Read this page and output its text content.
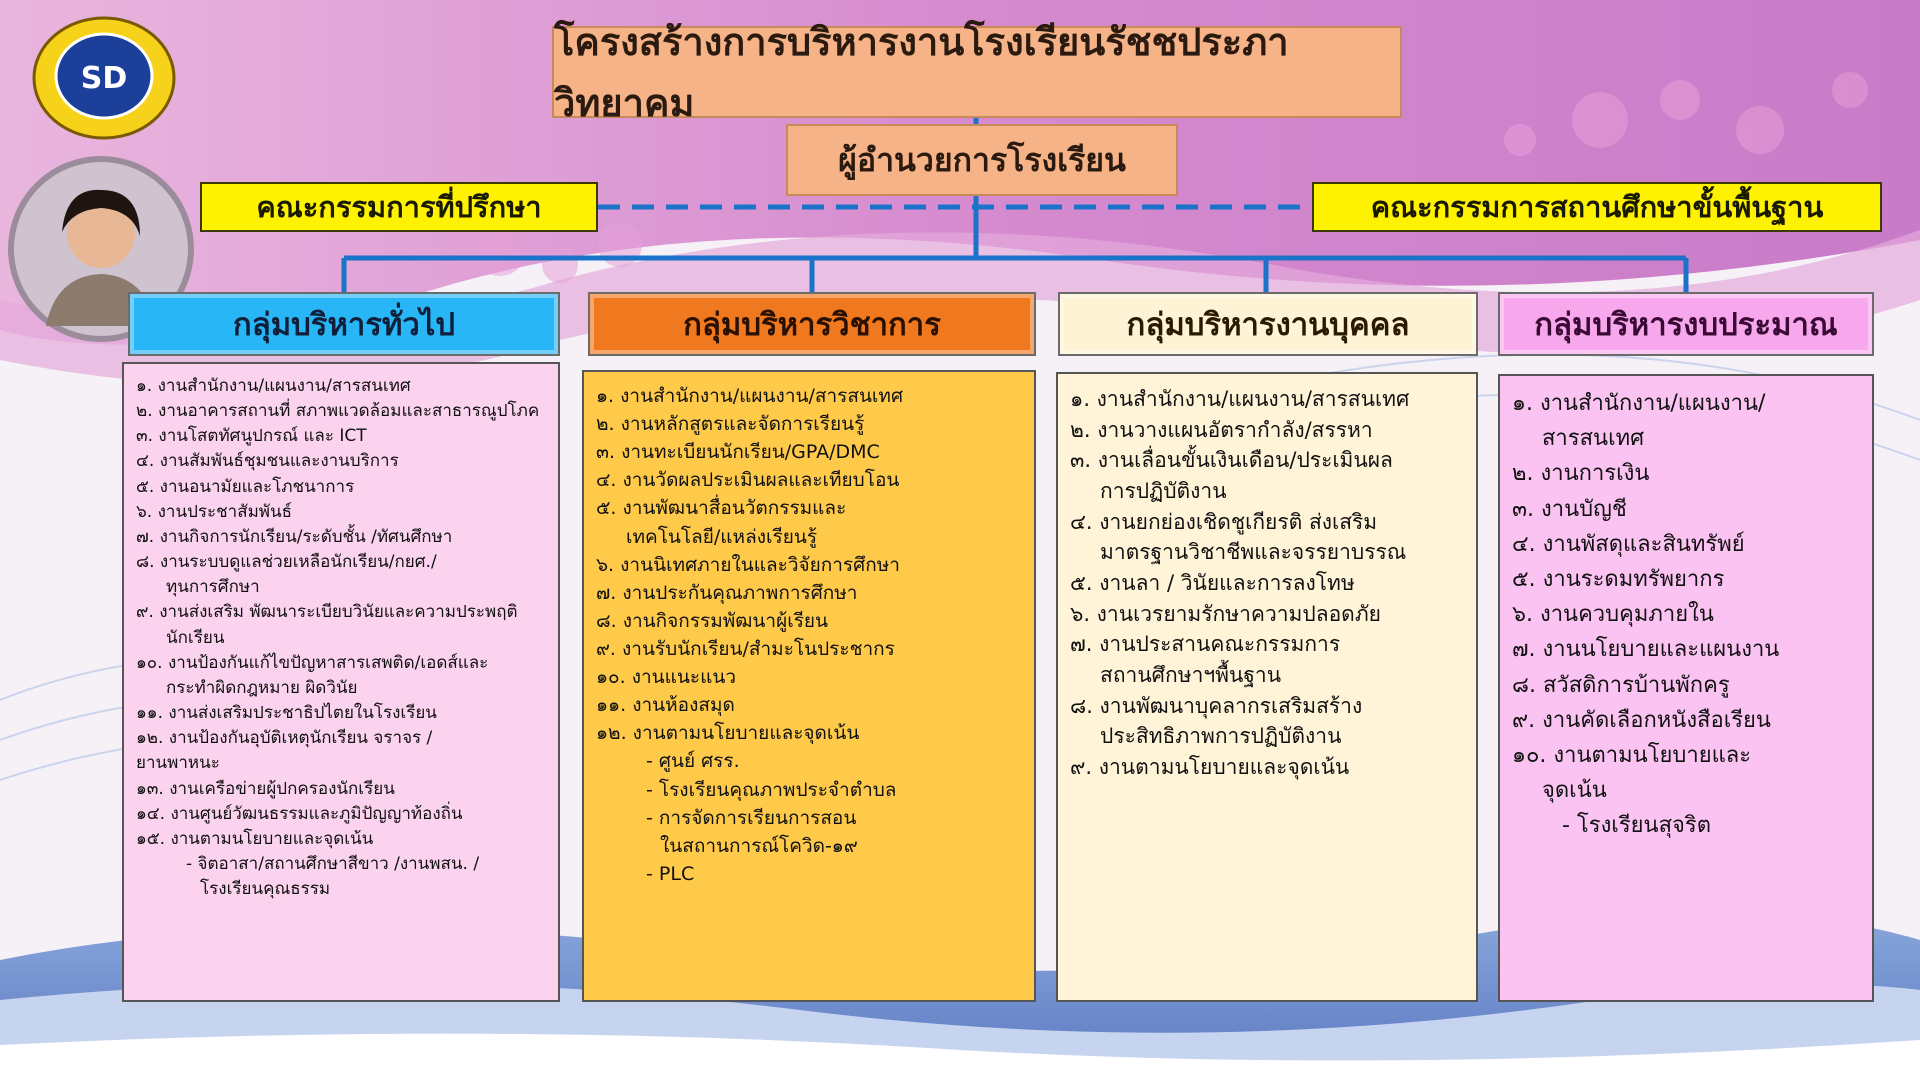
SD
โครงสร้างการบริหารงานโรงเรียนรัชชประภาวิทยาคม
ผู้อำนวยการโรงเรียน
คณะกรรมการที่ปรึกษา	คณะกรรมการสถานศึกษาขั้นพื้นฐาน
กลุ่มบริหารทั่วไป	กลุ่มบริหารวิชาการ	กลุ่มบริหารงานบุคคล	กลุ่มบริหารงบประมาณ
๑. งานสำนักงาน/แผนงาน/สารสนเทศ
๒. งานอาคารสถานที่ สภาพแวดล้อมและสาธารณูปโภค
๓. งานโสตทัศนูปกรณ์ และ ICT
๔. งานสัมพันธ์ชุมชนและงานบริการ
๕. งานอนามัยและโภชนาการ
๖. งานประชาสัมพันธ์
๗. งานกิจการนักเรียน/ระดับชั้น /ทัศนศึกษา
๘. งานระบบดูแลช่วยเหลือนักเรียน/กยศ./
ทุนการศึกษา
๙. งานส่งเสริม พัฒนาระเบียบวินัยและความประพฤติ
นักเรียน
๑๐. งานป้องกันแก้ไขปัญหาสารเสพติด/เอดส์และ
กระทำผิดกฎหมาย ผิดวินัย
๑๑. งานส่งเสริมประชาธิปไตยในโรงเรียน
๑๒. งานป้องกันอุบัติเหตุนักเรียน จราจร /
ยานพาหนะ
๑๓. งานเครือข่ายผู้ปกครองนักเรียน
๑๔. งานศูนย์วัฒนธรรมและภูมิปัญญาท้องถิ่น
๑๕. งานตามนโยบายและจุดเน้น
- จิตอาสา/สถานศึกษาสีขาว /งานพสน. /
โรงเรียนคุณธรรม
๑. งานสำนักงาน/แผนงาน/สารสนเทศ
๒. งานหลักสูตรและจัดการเรียนรู้
๓. งานทะเบียนนักเรียน/GPA/DMC
๔. งานวัดผลประเมินผลและเทียบโอน
๕. งานพัฒนาสื่อนวัตกรรมและ
เทคโนโลยี/แหล่งเรียนรู้
๖. งานนิเทศภายในและวิจัยการศึกษา
๗. งานประกันคุณภาพการศึกษา
๘. งานกิจกรรมพัฒนาผู้เรียน
๙. งานรับนักเรียน/สำมะโนประชากร
๑๐. งานแนะแนว
๑๑. งานห้องสมุด
๑๒. งานตามนโยบายและจุดเน้น
- ศูนย์ ศรร.
- โรงเรียนคุณภาพประจำตำบล
- การจัดการเรียนการสอน
ในสถานการณ์โควิด-๑๙
- PLC
๑. งานสำนักงาน/แผนงาน/สารสนเทศ
๒. งานวางแผนอัตรากำลัง/สรรหา
๓. งานเลื่อนขั้นเงินเดือน/ประเมินผล
การปฏิบัติงาน
๔. งานยกย่องเชิดชูเกียรติ ส่งเสริม
มาตรฐานวิชาชีพและจรรยาบรรณ
๕. งานลา / วินัยและการลงโทษ
๖. งานเวรยามรักษาความปลอดภัย
๗. งานประสานคณะกรรมการ
สถานศึกษาฯพื้นฐาน
๘. งานพัฒนาบุคลากรเสริมสร้าง
ประสิทธิภาพการปฏิบัติงาน
๙. งานตามนโยบายและจุดเน้น
๑. งานสำนักงาน/แผนงาน/
สารสนเทศ
๒. งานการเงิน
๓. งานบัญชี
๔. งานพัสดุและสินทรัพย์
๕. งานระดมทรัพยากร
๖. งานควบคุมภายใน
๗. งานนโยบายและแผนงาน
๘. สวัสดิการบ้านพักครู
๙. งานคัดเลือกหนังสือเรียน
๑๐. งานตามนโยบายและ
จุดเน้น
- โรงเรียนสุจริต
